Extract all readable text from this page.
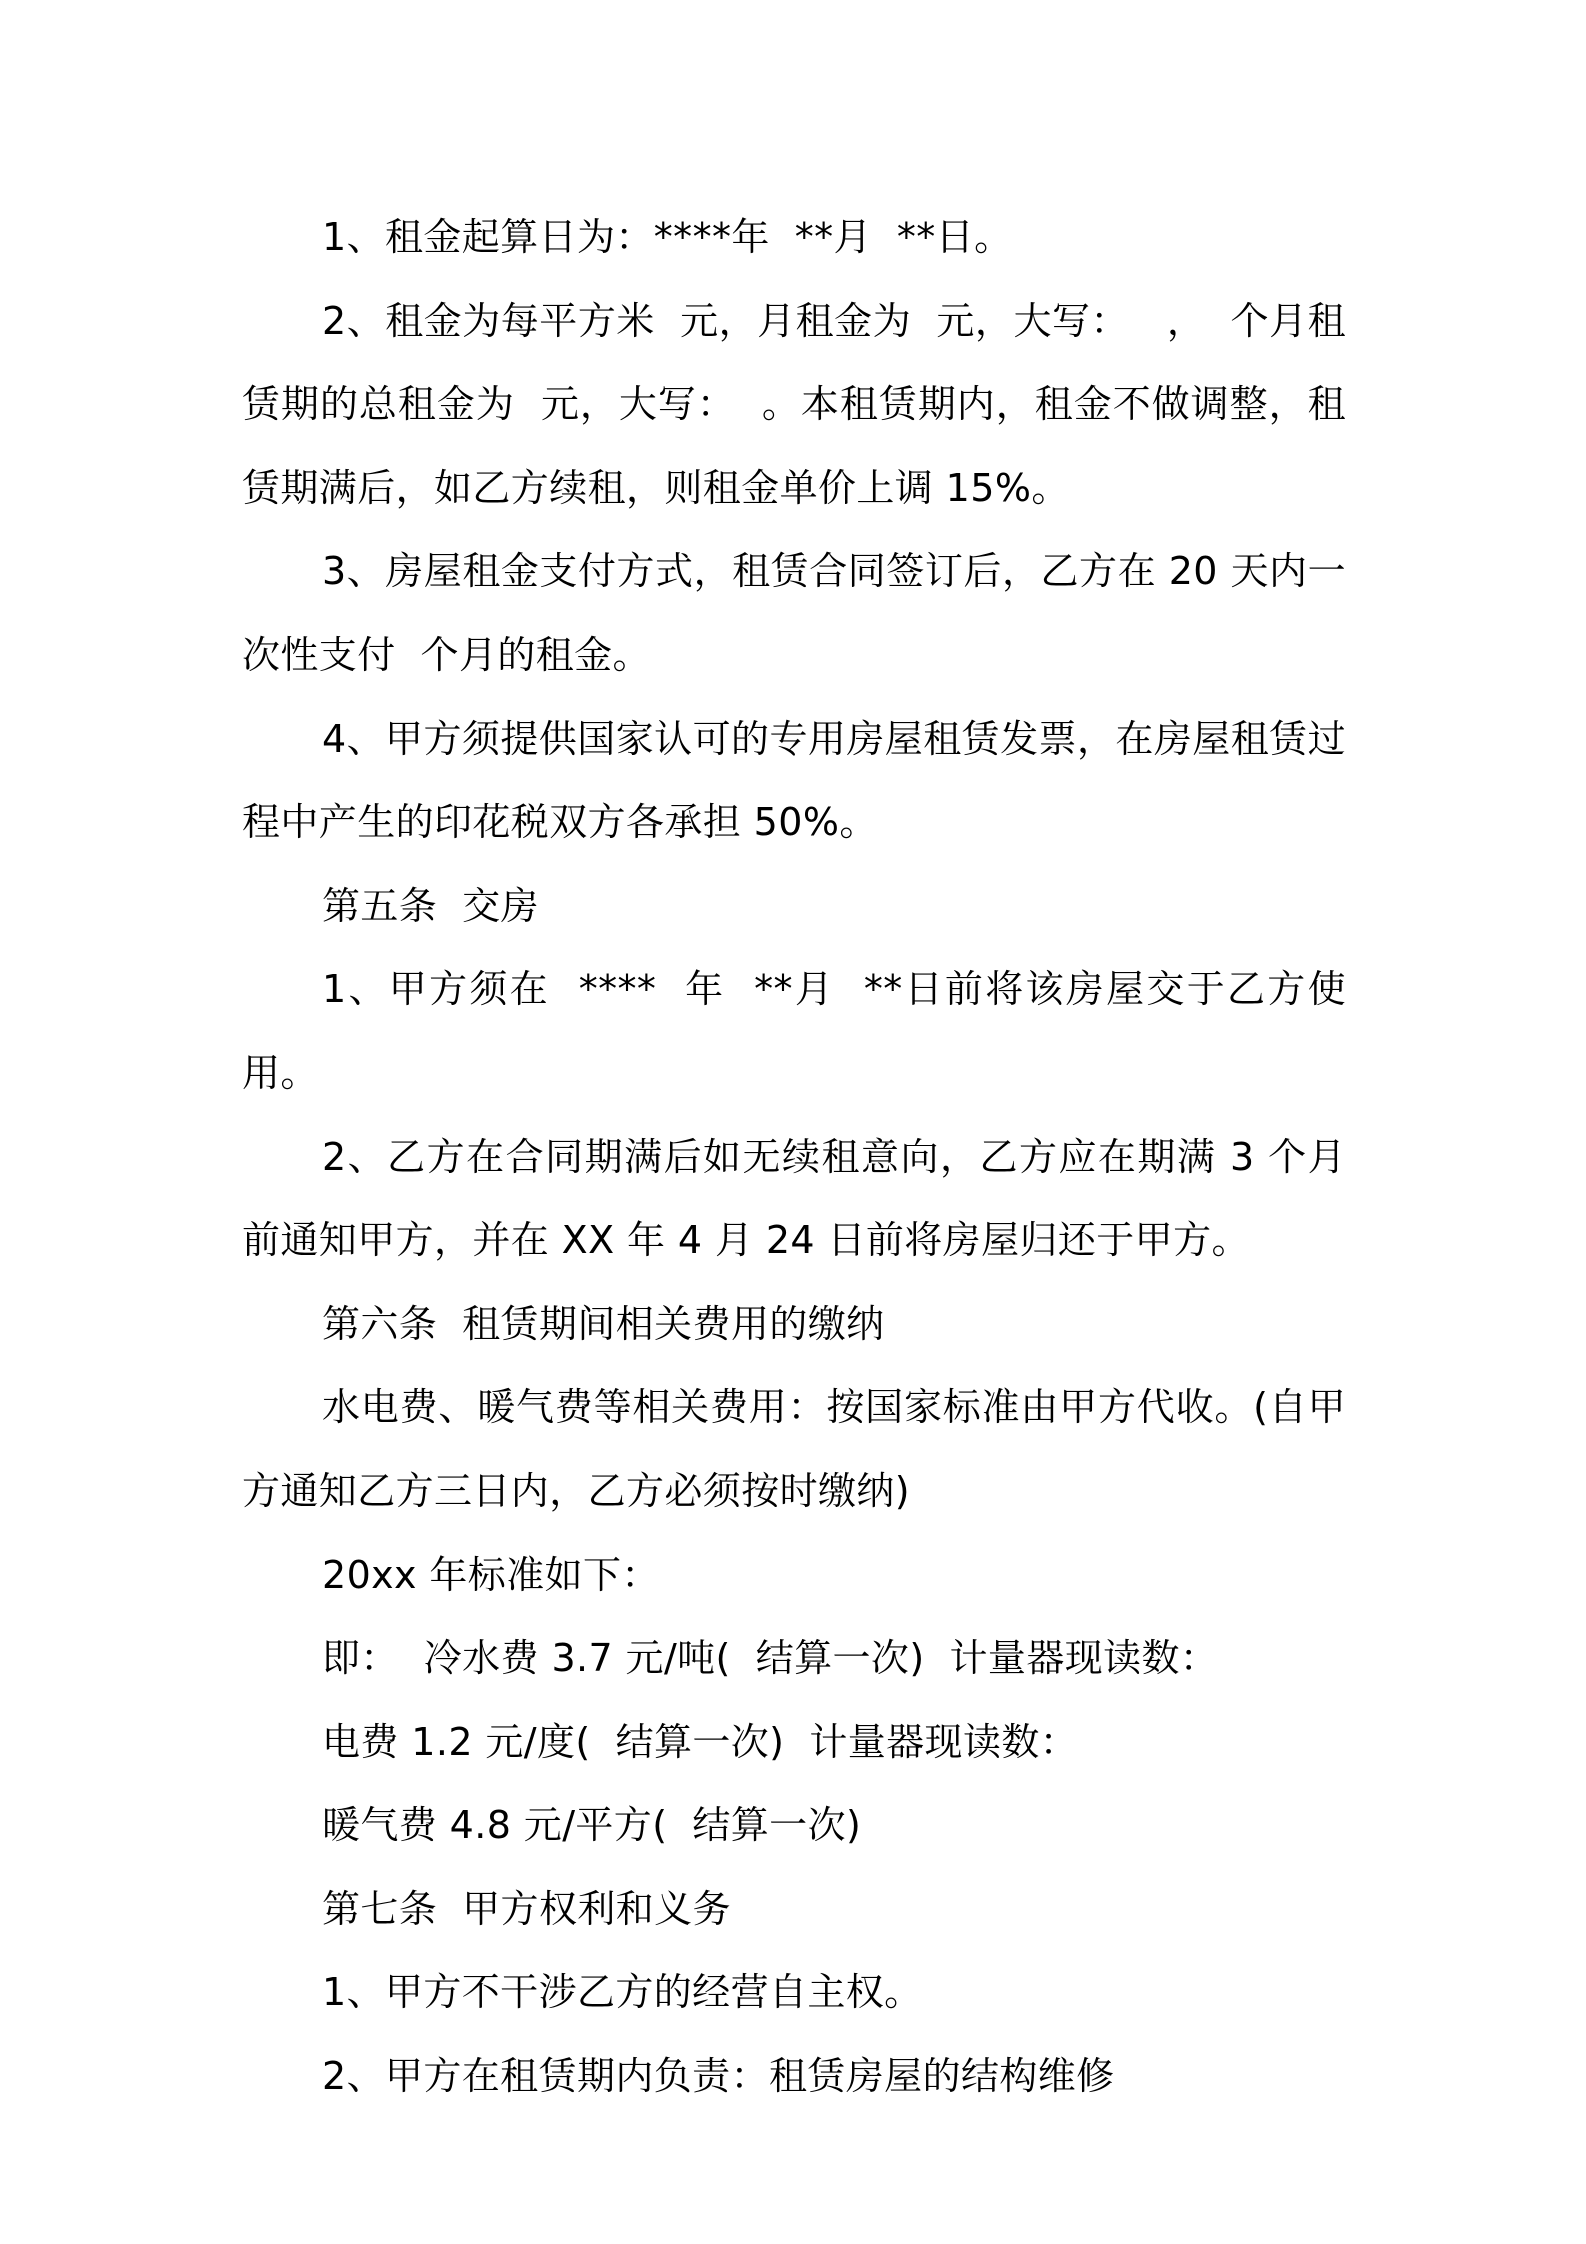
1、租金起算日为：****年  **月  **日。

2、租金为每平方米  元，月租金为  元，大写：   ，  个月租赁期的总租金为  元，大写：  。本租赁期内，租金不做调整，租赁期满后，如乙方续租，则租金单价上调 15%。

3、房屋租金支付方式，租赁合同签订后，乙方在 20 天内一次性支付  个月的租金。

4、甲方须提供国家认可的专用房屋租赁发票，在房屋租赁过程中产生的印花税双方各承担 50%。

第五条  交房

1、甲方须在  ****  年  **月  **日前将该房屋交于乙方使用。

2、乙方在合同期满后如无续租意向，乙方应在期满 3 个月前通知甲方，并在 XX 年 4 月 24 日前将房屋归还于甲方。

第六条  租赁期间相关费用的缴纳

水电费、暖气费等相关费用：按国家标准由甲方代收。(自甲方通知乙方三日内，乙方必须按时缴纳)

20xx 年标准如下：

即：  冷水费 3.7 元/吨(  结算一次)  计量器现读数：

电费 1.2 元/度(  结算一次)  计量器现读数：

暖气费 4.8 元/平方(  结算一次)

第七条  甲方权利和义务

1、甲方不干涉乙方的经营自主权。

2、甲方在租赁期内负责：租赁房屋的结构维修
